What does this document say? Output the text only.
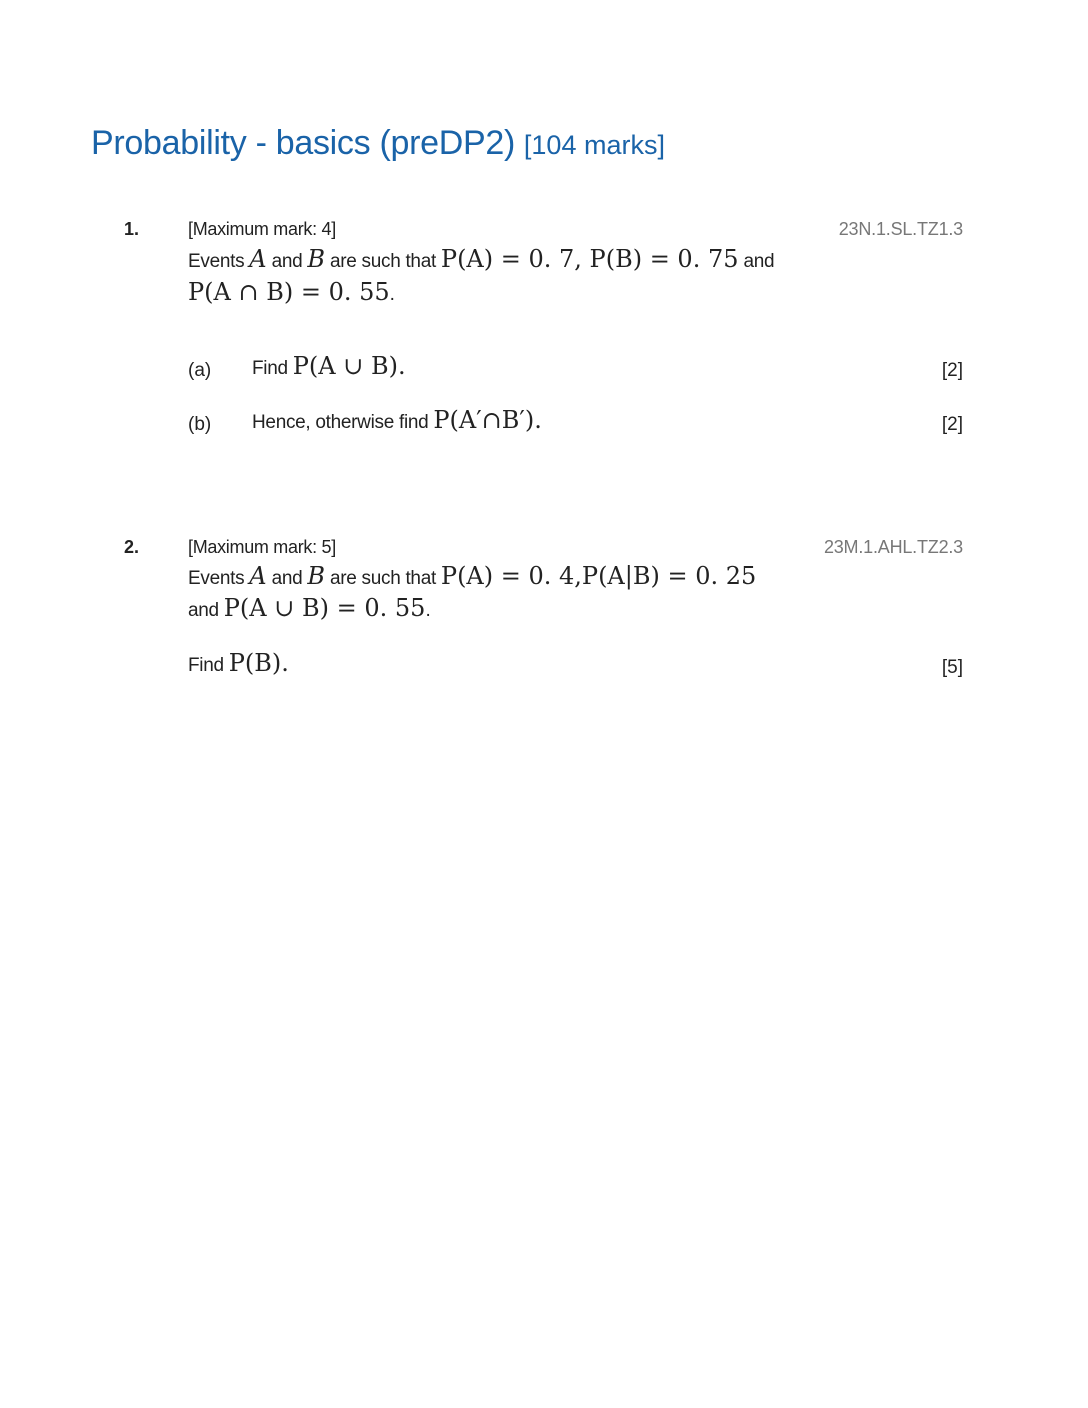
Probability - basics (preDP2) [104 marks]
1.	[Maximum mark: 4]	23N.1.SL.TZ1.3
Events A and B are such that P(A) = 0. 7, P(B) = 0. 75 and
P(A ∩ B) = 0. 55.
(a) Find P(A ∪ B).	[2]
(b) Hence, otherwise find P(A′∩B′).	[2]
2.	[Maximum mark: 5]	23M.1.AHL.TZ2.3
Events A and B are such that P(A) = 0. 4,P(A|B) = 0. 25
and P(A ∪ B) = 0. 55.
Find P(B).	[5]
